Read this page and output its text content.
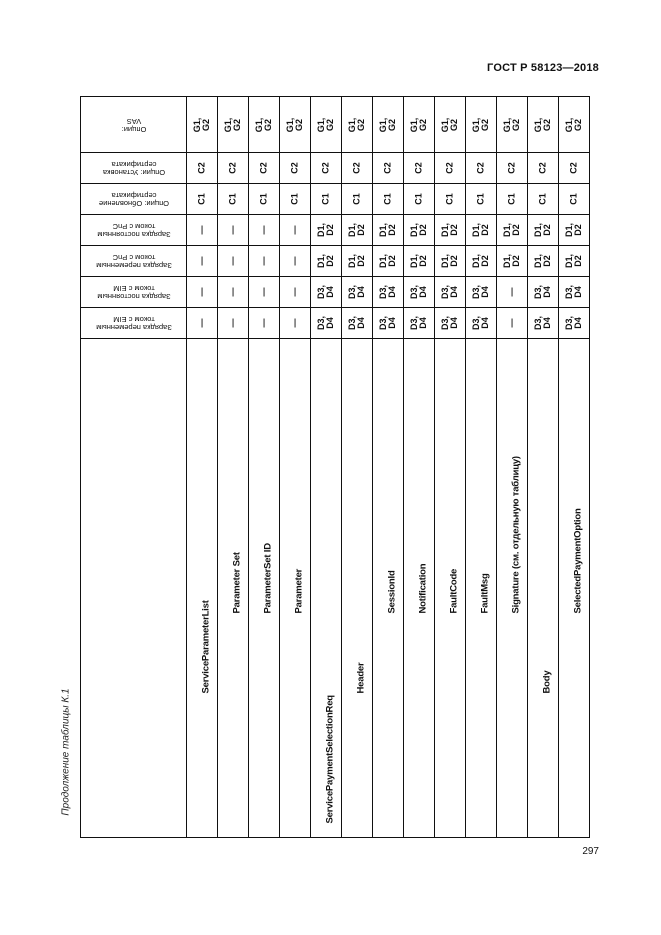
ГОСТ Р 58123—2018
Продолжение таблицы К.1
297
Опции:
VAS	G1,
G2	G1,
G2	G1,
G2	G1,
G2	G1,
G2	G1,
G2	G1,
G2	G1,
G2	G1,
G2	G1,
G2	G1,
G2	G1,
G2	G1,
G2

Опции: Установка
сертификата	C2	C2	C2	C2	C2	C2	C2	C2	C2	C2	C2	C2	C2

Опции: Обновление
сертификата	C1	C1	C1	C1	C1	C1	C1	C1	C1	C1	C1	C1	C1

Зарядка постоянным
током с PnC	—	—	—	—	D1,
D2	D1,
D2	D1,
D2	D1,
D2	D1,
D2	D1,
D2	D1,
D2	D1,
D2	D1,
D2

Зарядка переменным
током с PnC	—	—	—	—	D1,
D2	D1,
D2	D1,
D2	D1,
D2	D1,
D2	D1,
D2	D1,
D2	D1,
D2	D1,
D2

Зарядка постоянным
током с EIM	—	—	—	—	D3,
D4	D3,
D4	D3,
D4	D3,
D4	D3,
D4	D3,
D4	—	D3,
D4	D3,
D4

Зарядка переменным
током с EIM	—	—	—	—	D3,
D4	D3,
D4	D3,
D4	D3,
D4	D3,
D4	D3,
D4	—	D3,
D4	D3,
D4

	ServiceParameterList	Parameter Set	ParameterSet ID	Parameter	ServicePaymentSelectionReq	Header	SessionId	Notification	FaultCode	FaultMsg	Signature (см. отдельную таблицу)	Body	SelectedPaymentOption
